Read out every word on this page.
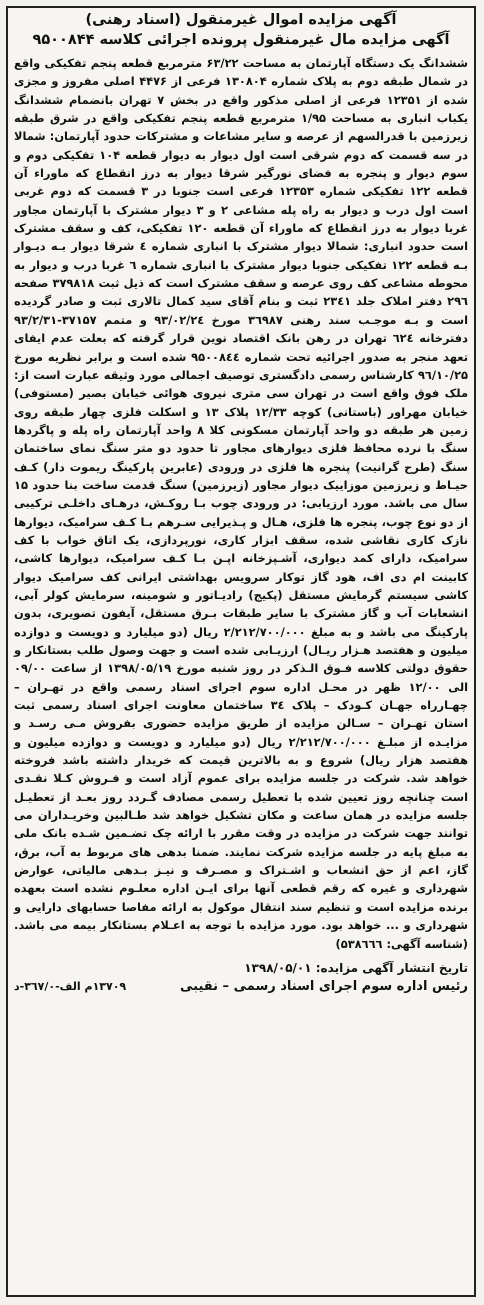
آگهی مزایده اموال غیرمنقول (اسناد رهنی)

آگهی مزایده مال غیرمنقول پرونده اجرائی کلاسه ۹۵۰۰۸۴۴

ششدانگ یک دستگاه آپارتمان به مساحت ۶۳/۲۲ مترمربع قطعه پنجم تفکیکی واقع در شمال طبقه دوم به پلاک شماره ۱۳۰۸۰۴ فرعی از ۴۴۷۶ اصلی مفروز و مجزی شده از ۱۲۳۵۱ فرعی از اصلی مذکور واقع در بخش ۷ تهران بانضمام ششدانگ یکباب انباری به مساحت ۱/۹۵ مترمربع قطعه پنجم تفکیکی واقع در شرق طبقه زیرزمین با قدرالسهم از عرصه و سایر مشاعات و مشترکات حدود آپارتمان: شمالا در سه قسمت که دوم شرقی است اول دیوار به دیوار قطعه ۱۰۴ تفکیکی دوم و سوم دیوار و پنجره به فضای نورگیر شرقا دیوار به درز انقطاع که ماوراء آن قطعه ۱۲۲ تفکیکی شماره ۱۲۳۵۳ فرعی است جنوبا در ۳ قسمت که دوم غربی است اول درب و دیوار به راه پله مشاعی ۲ و ۳ دیوار مشترک با آپارتمان مجاور غربا دیوار به درز انقطاع که ماوراء آن قطعه ۱۲۰ تفکیکی، کف و سقف مشترک است حدود انباری: شمالا دیوار مشترک با انباری شماره ٤ شرقا دیوار بـه دیـوار بـه قطعه ۱۲۲ تفکیکی جنوبا دیوار مشترک با انباری شماره ٦ غربا درب و دیوار به محوطه مشاعی کف روی عرصه و سقف مشترک است که ذیل ثبت ۳۷۹۸۱۸ صفحه ۲۹٦ دفتر املاک جلد ۲۳٤۱ ثبت و بنام آقای سید کمال تالاری ثبت و صادر گردیده است و بـه موجـب سند رهنی ۳٦۹۸۷ مورخ ۹۳/۰۲/۲٤ و متمم ۳۷۱۵۷-۹۳/۲/۳۱ دفترخانه ٦۲٤ تهران در رهن بانک اقتصاد نوین قرار گرفته که بعلت عدم ایفای تعهد منجر به صدور اجرائیه تحت شماره ۹۵۰۰۸٤٤ شده است و برابر نظریه مورخ ۹٦/۱۰/۲۵ کارشناس رسمی دادگستری توصیف اجمالی مورد وثیقه عبارت است از: ملک فوق واقع است در تهران سی متری نیروی هوائی خیابان بصیر (مستوفی) خیابان مهراور (باستانی) کوچه ۱۲/۳۳ پلاک ۱۳ و اسکلت فلزی چهار طبقه روی زمین هر طبقه دو واحد آپارتمان مسکونی کلا ۸ واحد آپارتمان راه پله و پاگردها سنگ با نرده محافظ فلزی دیوارهای مجاور تا حدود دو متر سنگ نمای ساختمان سنگ (طرح گرانیت) پنجره ها فلزی در ورودی (عابرین پارکینگ ریموت دار) کـف حیـاط و زیرزمین موزاییک دیوار مجاور (زیرزمین) سنگ قدمت ساخت بنا حدود ۱۵ سال می باشد. مورد ارزیابی: در ورودی چوب بـا روکـش، درهـای داخلـی ترکیبی از دو نوع چوب، پنجره ها فلزی، هـال و پـذیرایی سـرهم بـا کـف سرامیک، دیوارها نازک کاری نقاشی شده، سقف ابزار کاری، نورپردازی، یک اتاق خواب با کف سرامیک، دارای کمد دیواری، آشـپزخانه اپـن بـا کـف سرامیک، دیوارها کاشی، کابینت ام دی اف، هود گاز توکار سرویس بهداشتی ایرانی کف سرامیک دیوار کاشی سیستم گرمایش مستقل (پکیج) رادیـاتور و شومینه، سرمایش کولر آبی، انشعابات آب و گاز مشترک با سایر طبقات بـرق مستقل، آیفون تصویری، بدون پارکینگ می باشد و به مبلغ ۲/۲۱۲/۷۰۰/۰۰۰ ریال (دو میلیارد و دویست و دوازده میلیون و هفتصد هـزار ریـال) ارزیـابی شده است و جهت وصول طلب بستانکار و حقوق دولتی کلاسه فـوق الـذکر در روز شنبه مورخ ۱۳۹۸/۰۵/۱۹ از ساعت ۰۹/۰۰ الی ۱۲/۰۰ ظهر در محـل اداره سوم اجرای اسناد رسمی واقع در تهـران – چهـارراه جهـان کـودک – پلاک ۳٤ ساختمان معاونت اجرای اسناد رسمی ثبت استان تهـران – سـالن مزایده از طریق مزایده حضوری بفروش مـی رسـد و مزایـده از مبلـغ ۲/۲۱۲/۷۰۰/۰۰۰ ریال (دو میلیارد و دویست و دوازده میلیون و هفتصد هزار ریال) شروع و به بالاترین قیمت که خریدار داشته باشد فروخته خواهد شد. شرکت در جلسه مزایده برای عموم آزاد است و فـروش کـلا نقـدی است چنانچه روز تعیین شده با تعطیل رسمی مصادف گـردد روز بعـد از تعطیـل جلسه مزایده در همان ساعت و مکان تشکیل خواهد شد طـالبین وخریـداران می توانند جهت شرکت در مزایده در وقت مقرر با ارائه چک تضـمین شـده بانک ملی به مبلغ پایه در جلسه مزایده شرکت نمایند. ضمنا بدهی های مربوط به آب، برق، گاز، اعم از حق انشعاب و اشـتراک و مصـرف و نیـز بـدهی مالیاتی، عوارض شهرداری و غیره که رقم قطعی آنها برای ایـن اداره معلـوم نشده است بعهده برنده مزایده است و تنظیم سند انتقال موکول به ارائه مفاصا حسابهای دارایی و شهرداری و ... خواهد بود. مورد مزایده با توجه به اعـلام بستانکار بیمه می باشد. (شناسه آگهی: ۵۳۸٦٦٦)

تاریخ انتشار آگهی مزایده: ۱۳۹۸/۰۵/۰۱
رئیس اداره سوم اجرای اسناد رسمی – نقیبی
۱۳۷۰۹م الف-۳٦۷/۰-د
